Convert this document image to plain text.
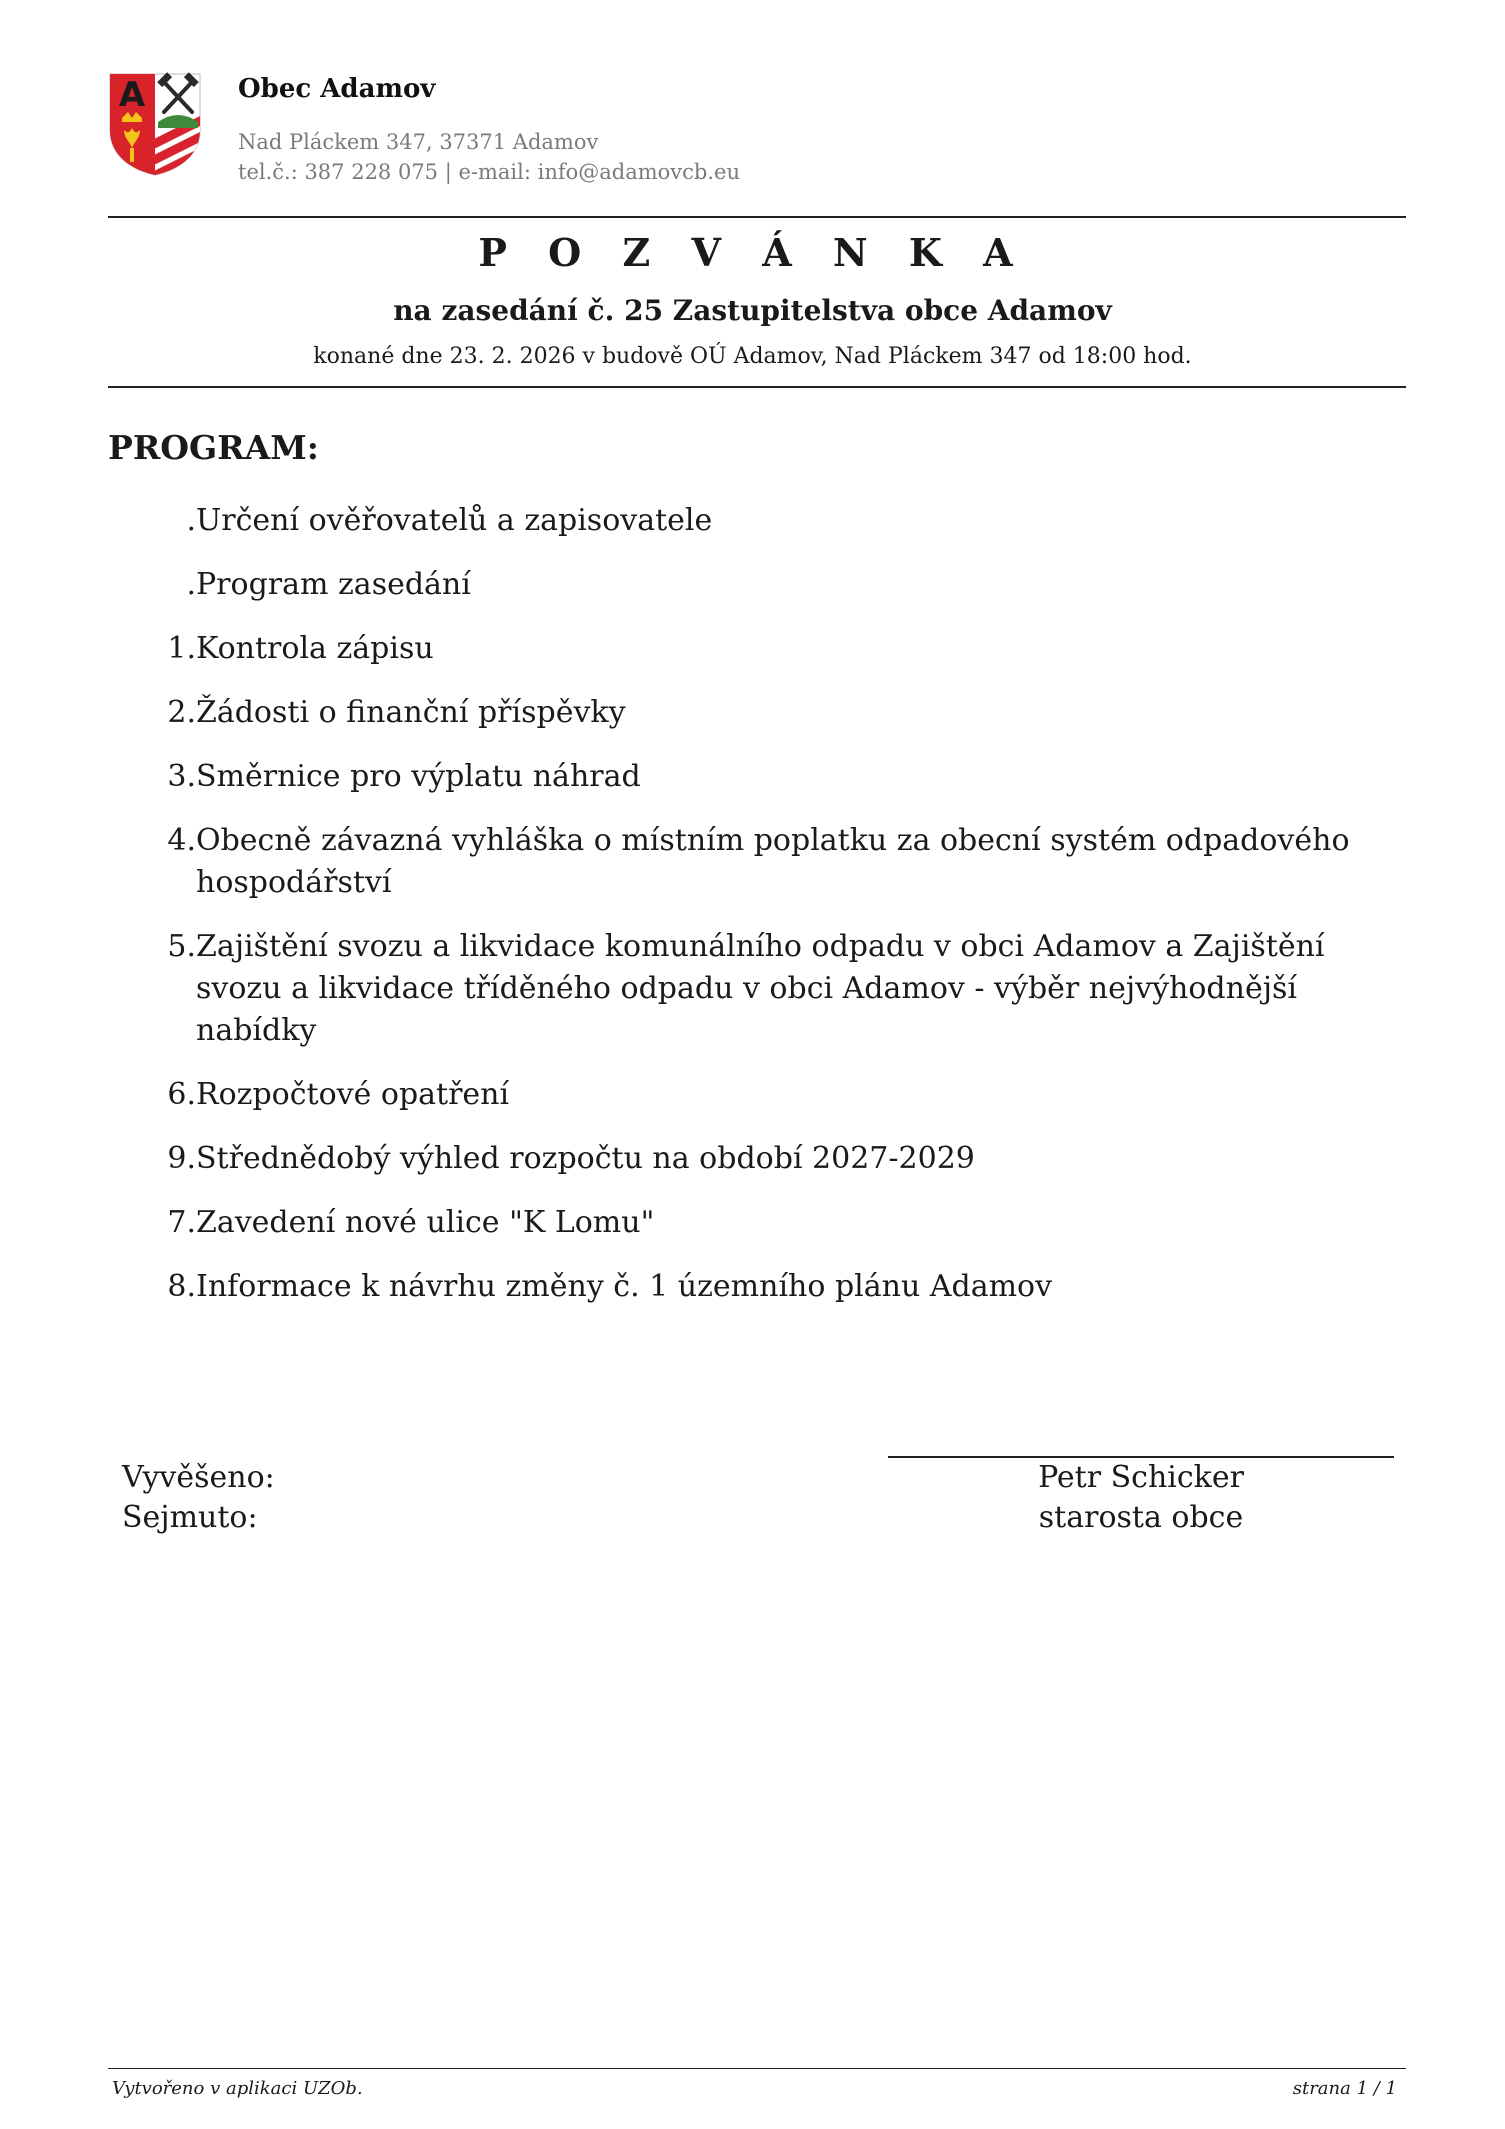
A	Obec Adamov
Nad Pláckem 347, 37371 Adamov
tel.č.: 387 228 075 | e-mail: info@adamovcb.eu
P O Z V Á N K A
na zasedání č. 25 Zastupitelstva obce Adamov
konané dne 23. 2. 2026 v budově OÚ Adamov, Nad Pláckem 347 od 18:00 hod.
PROGRAM:
. Určení ověřovatelů a zapisovatele
. Program zasedání
1. Kontrola zápisu
2. Žádosti o finanční příspěvky
3. Směrnice pro výplatu náhrad
4. Obecně závazná vyhláška o místním poplatku za obecní systém odpadového hospodářství
5. Zajištění svozu a likvidace komunálního odpadu v obci Adamov a Zajištění svozu a likvidace tříděného odpadu v obci Adamov - výběr nejvýhodnější nabídky
6. Rozpočtové opatření
9. Střednědobý výhled rozpočtu na období 2027-2029
7. Zavedení nové ulice "K Lomu"
8. Informace k návrhu změny č. 1 územního plánu Adamov
Vyvěšeno:
Sejmuto:
Petr Schicker
starosta obce
Vytvořeno v aplikaci UZOb.	strana 1 / 1
